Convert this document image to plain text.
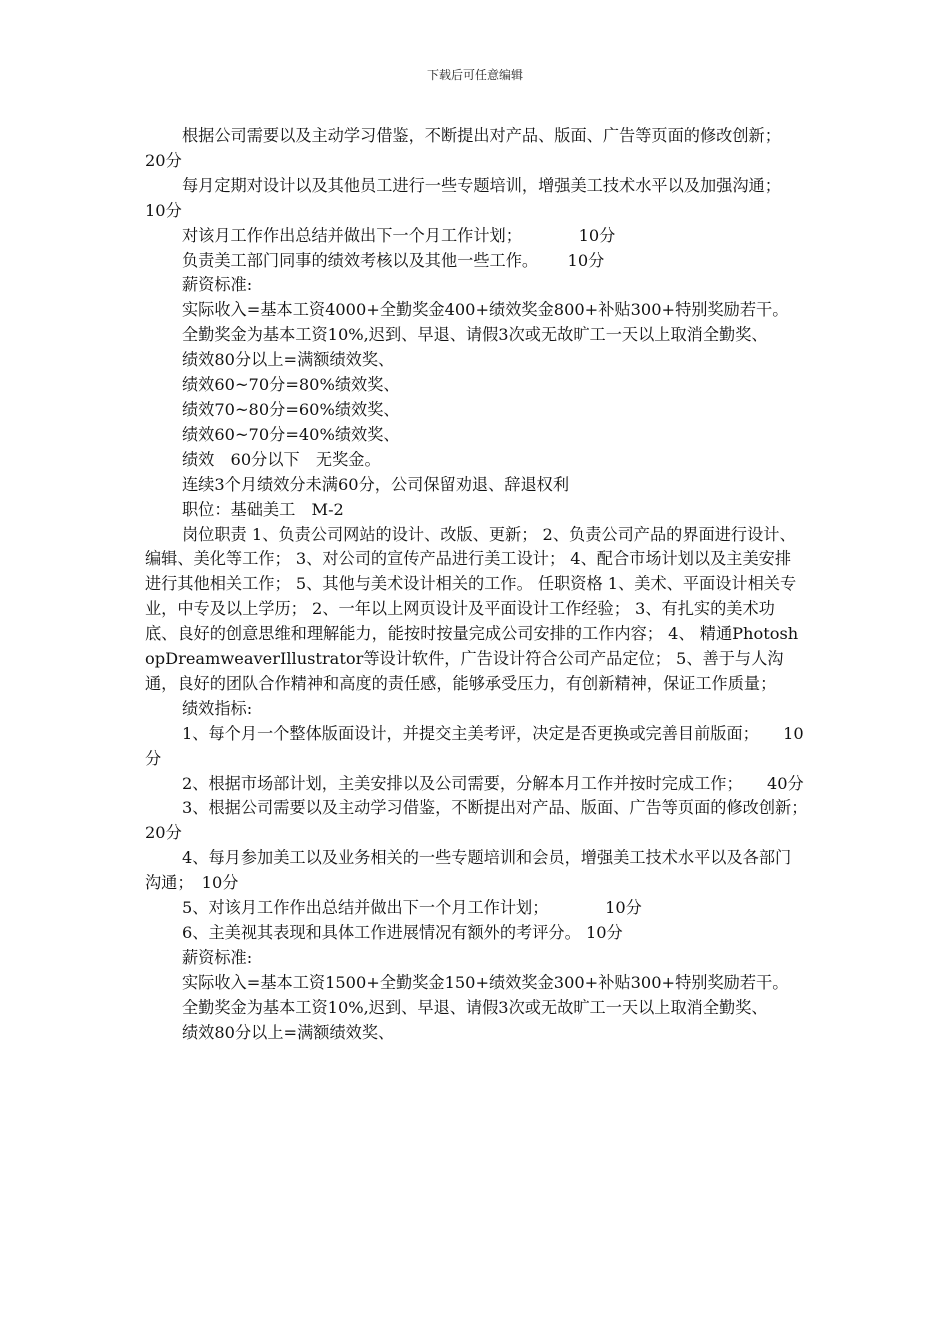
下载后可任意编辑

根据公司需要以及主动学习借鉴，不断提出对产品、版面、广告等页面的修改创新；　　　20分

每月定期对设计以及其他员工进行一些专题培训，增强美工技术水平以及加强沟通；　　　10分

对该月工作作出总结并做出下一个月工作计划；　　　　10分

负责美工部门同事的绩效考核以及其他一些工作。　　 10分

薪资标准:

实际收入=基本工资4000+全勤奖金400+绩效奖金800+补贴300+特别奖励若干。

全勤奖金为基本工资10%,迟到、早退、请假3次或无故旷工一天以上取消全勤奖、

绩效80分以上=满额绩效奖、

绩效60~70分=80%绩效奖、

绩效70~80分=60%绩效奖、

绩效60~70分=40%绩效奖、

绩效　60分以下　无奖金。

连续3个月绩效分未满60分，公司保留劝退、辞退权利

职位：基础美工　M-2

岗位职责 1、负责公司网站的设计、改版、更新； 2、负责公司产品的界面进行设计、编辑、美化等工作； 3、对公司的宣传产品进行美工设计； 4、配合市场计划以及主美安排进行其他相关工作； 5、其他与美术设计相关的工作。 任职资格 1、美术、平面设计相关专业，中专及以上学历； 2、一年以上网页设计及平面设计工作经验； 3、有扎实的美术功底、良好的创意思维和理解能力，能按时按量完成公司安排的工作内容； 4、 精通PhotoshopDreamweaverIllustrator等设计软件，广告设计符合公司产品定位； 5、善于与人沟通，良好的团队合作精神和高度的责任感，能够承受压力，有创新精神，保证工作质量；

绩效指标:

1、每个月一个整体版面设计，并提交主美考评，决定是否更换或完善目前版面；　　10分

2、根据市场部计划，主美安排以及公司需要，分解本月工作并按时完成工作；　　40分

3、根据公司需要以及主动学习借鉴，不断提出对产品、版面、广告等页面的修改创新；　　　20分

4、每月参加美工以及业务相关的一些专题培训和会员，增强美工技术水平以及各部门沟通；　10分

5、对该月工作作出总结并做出下一个月工作计划；　　　　10分

6、主美视其表现和具体工作进展情况有额外的考评分。 10分

薪资标准:

实际收入=基本工资1500+全勤奖金150+绩效奖金300+补贴300+特别奖励若干。

全勤奖金为基本工资10%,迟到、早退、请假3次或无故旷工一天以上取消全勤奖、

绩效80分以上=满额绩效奖、
